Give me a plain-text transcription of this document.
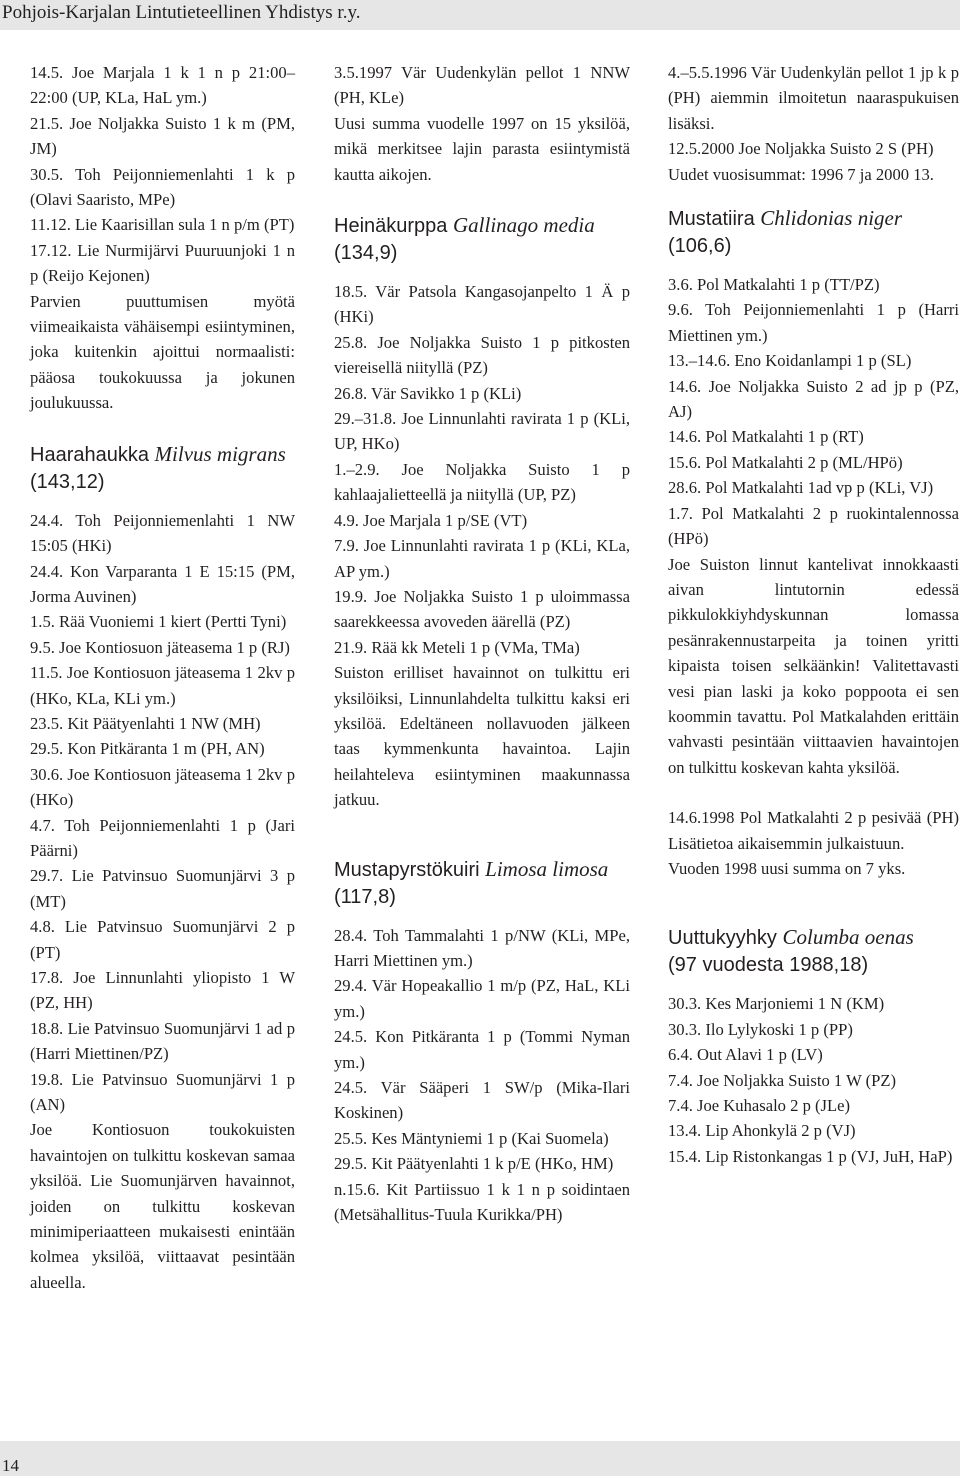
Pohjois-Karjalan Lintutieteellinen Yhdistys r.y.

14.5. Joe Marjala 1 k 1 n p 21:00–22:00 (UP, KLa, HaL ym.)

21.5. Joe Noljakka Suisto 1 k m (PM, JM)

30.5. Toh Peijonniemenlahti 1 k p (Olavi Saaristo, MPe)

11.12. Lie Kaarisillan sula 1 n p/m (PT)

17.12. Lie Nurmijärvi Puuruunjoki 1 n p (Reijo Kejonen)

Parvien puuttumisen myötä viimeaikaista vähäisempi esiintyminen, joka kuitenkin ajoittui normaalisti: pääosa toukokuussa ja jokunen joulukuussa.

Haarahaukka Milvus migrans
(143,12)

24.4. Toh Peijonniemenlahti 1 NW 15:05 (HKi)

24.4. Kon Varparanta 1 E 15:15 (PM, Jorma Auvinen)

1.5. Rää Vuoniemi 1 kiert (Pertti Tyni)

9.5. Joe Kontiosuon jäteasema 1 p (RJ)

11.5. Joe Kontiosuon jäteasema 1 2kv p (HKo, KLa, KLi ym.)

23.5. Kit Päätyenlahti 1 NW (MH)

29.5. Kon Pitkäranta 1 m (PH, AN)

30.6. Joe Kontiosuon jäteasema 1 2kv p (HKo)

4.7. Toh Peijonniemenlahti 1 p (Jari Päärni)

29.7. Lie Patvinsuo Suomunjärvi 3 p (MT)

4.8. Lie Patvinsuo Suomunjärvi 2 p (PT)

17.8. Joe Linnunlahti yliopisto 1 W (PZ, HH)

18.8. Lie Patvinsuo Suomunjärvi 1 ad p (Harri Miettinen/PZ)

19.8. Lie Patvinsuo Suomunjärvi 1 p (AN)

Joe Kontiosuon toukokuisten havaintojen on tulkittu koskevan samaa yksilöä. Lie Suomunjärven havainnot, joiden on tulkittu koskevan minimiperiaatteen mukaisesti enintään kolmea yksilöä, viittaavat pesintään alueella.

3.5.1997 Vär Uudenkylän pellot 1 NNW (PH, KLe)

Uusi summa vuodelle 1997 on 15 yksilöä, mikä merkitsee lajin parasta esiintymistä kautta aikojen.

Heinäkurppa Gallinago media (134,9)

18.5. Vär Patsola Kangasojanpelto 1 Ä p (HKi)

25.8. Joe Noljakka Suisto 1 p pitkosten viereisellä niityllä (PZ)

26.8. Vär Savikko 1 p (KLi)

29.–31.8. Joe Linnunlahti ravirata 1 p (KLi, UP, HKo)

1.–2.9. Joe Noljakka Suisto 1 p kahlaajalietteellä ja niityllä (UP, PZ)

4.9. Joe Marjala 1 p/SE (VT)

7.9. Joe Linnunlahti ravirata 1 p (KLi, KLa, AP ym.)

19.9. Joe Noljakka Suisto 1 p uloimmassa saarekkeessa avoveden äärellä (PZ)

21.9. Rää kk Meteli 1 p (VMa, TMa)

Suiston erilliset havainnot on tulkittu eri yksilöiksi, Linnunlahdelta tulkittu kaksi eri yksilöä. Edeltäneen nollavuoden jälkeen taas kymmenkunta havaintoa. Lajin heilahteleva esiintyminen maakunnassa jatkuu.

Mustapyrstökuiri Limosa limosa (117,8)

28.4. Toh Tammalahti 1 p/NW (KLi, MPe, Harri Miettinen ym.)

29.4. Vär Hopeakallio 1 m/p (PZ, HaL, KLi ym.)

24.5. Kon Pitkäranta 1 p (Tommi Nyman ym.)

24.5. Vär Sääperi 1 SW/p (Mika-Ilari Koskinen)

25.5. Kes Mäntyniemi 1 p (Kai Suomela)

29.5. Kit Päätyenlahti 1 k p/E (HKo, HM)

n.15.6. Kit Partiissuo 1 k 1 n p soidintaen (Metsähallitus-Tuula Kurikka/PH)

4.–5.5.1996 Vär Uudenkylän pellot 1 jp k p (PH) aiemmin ilmoitetun naaraspukuisen lisäksi.

12.5.2000 Joe Noljakka Suisto 2 S (PH)

Uudet vuosisummat: 1996 7 ja 2000 13.

Mustatiira Chlidonias niger
(106,6)

3.6. Pol Matkalahti 1 p (TT/PZ)

9.6. Toh Peijonniemenlahti 1 p (Harri Miettinen ym.)

13.–14.6. Eno Koidanlampi 1 p (SL)

14.6. Joe Noljakka Suisto 2 ad jp p (PZ, AJ)

14.6. Pol Matkalahti 1 p (RT)

15.6. Pol Matkalahti 2 p (ML/HPö)

28.6. Pol Matkalahti 1ad vp p (KLi, VJ)

1.7. Pol Matkalahti 2 p ruokintalennossa (HPö)

Joe Suiston linnut kantelivat innokkaasti aivan lintutornin edessä pikkulokkiyhdyskunnan lomassa pesänrakennustarpeita ja toinen yritti kipaista toisen selkäänkin! Valitettavasti vesi pian laski ja koko poppoota ei sen koommin tavattu. Pol Matkalahden erittäin vahvasti pesintään viittaavien havaintojen on tulkittu koskevan kahta yksilöä.

14.6.1998 Pol Matkalahti 2 p pesivää (PH) Lisätietoa aikaisemmin julkaistuun.

Vuoden 1998 uusi summa on 7 yks.

Uuttukyyhky Columba oenas
(97 vuodesta 1988,18)

30.3. Kes Marjoniemi 1 N (KM)

30.3. Ilo Lylykoski 1 p (PP)

6.4. Out Alavi 1 p (LV)

7.4. Joe Noljakka Suisto 1 W (PZ)

7.4. Joe Kuhasalo 2 p (JLe)

13.4. Lip Ahonkylä 2 p (VJ)

15.4. Lip Ristonkangas 1 p (VJ, JuH, HaP)

14
